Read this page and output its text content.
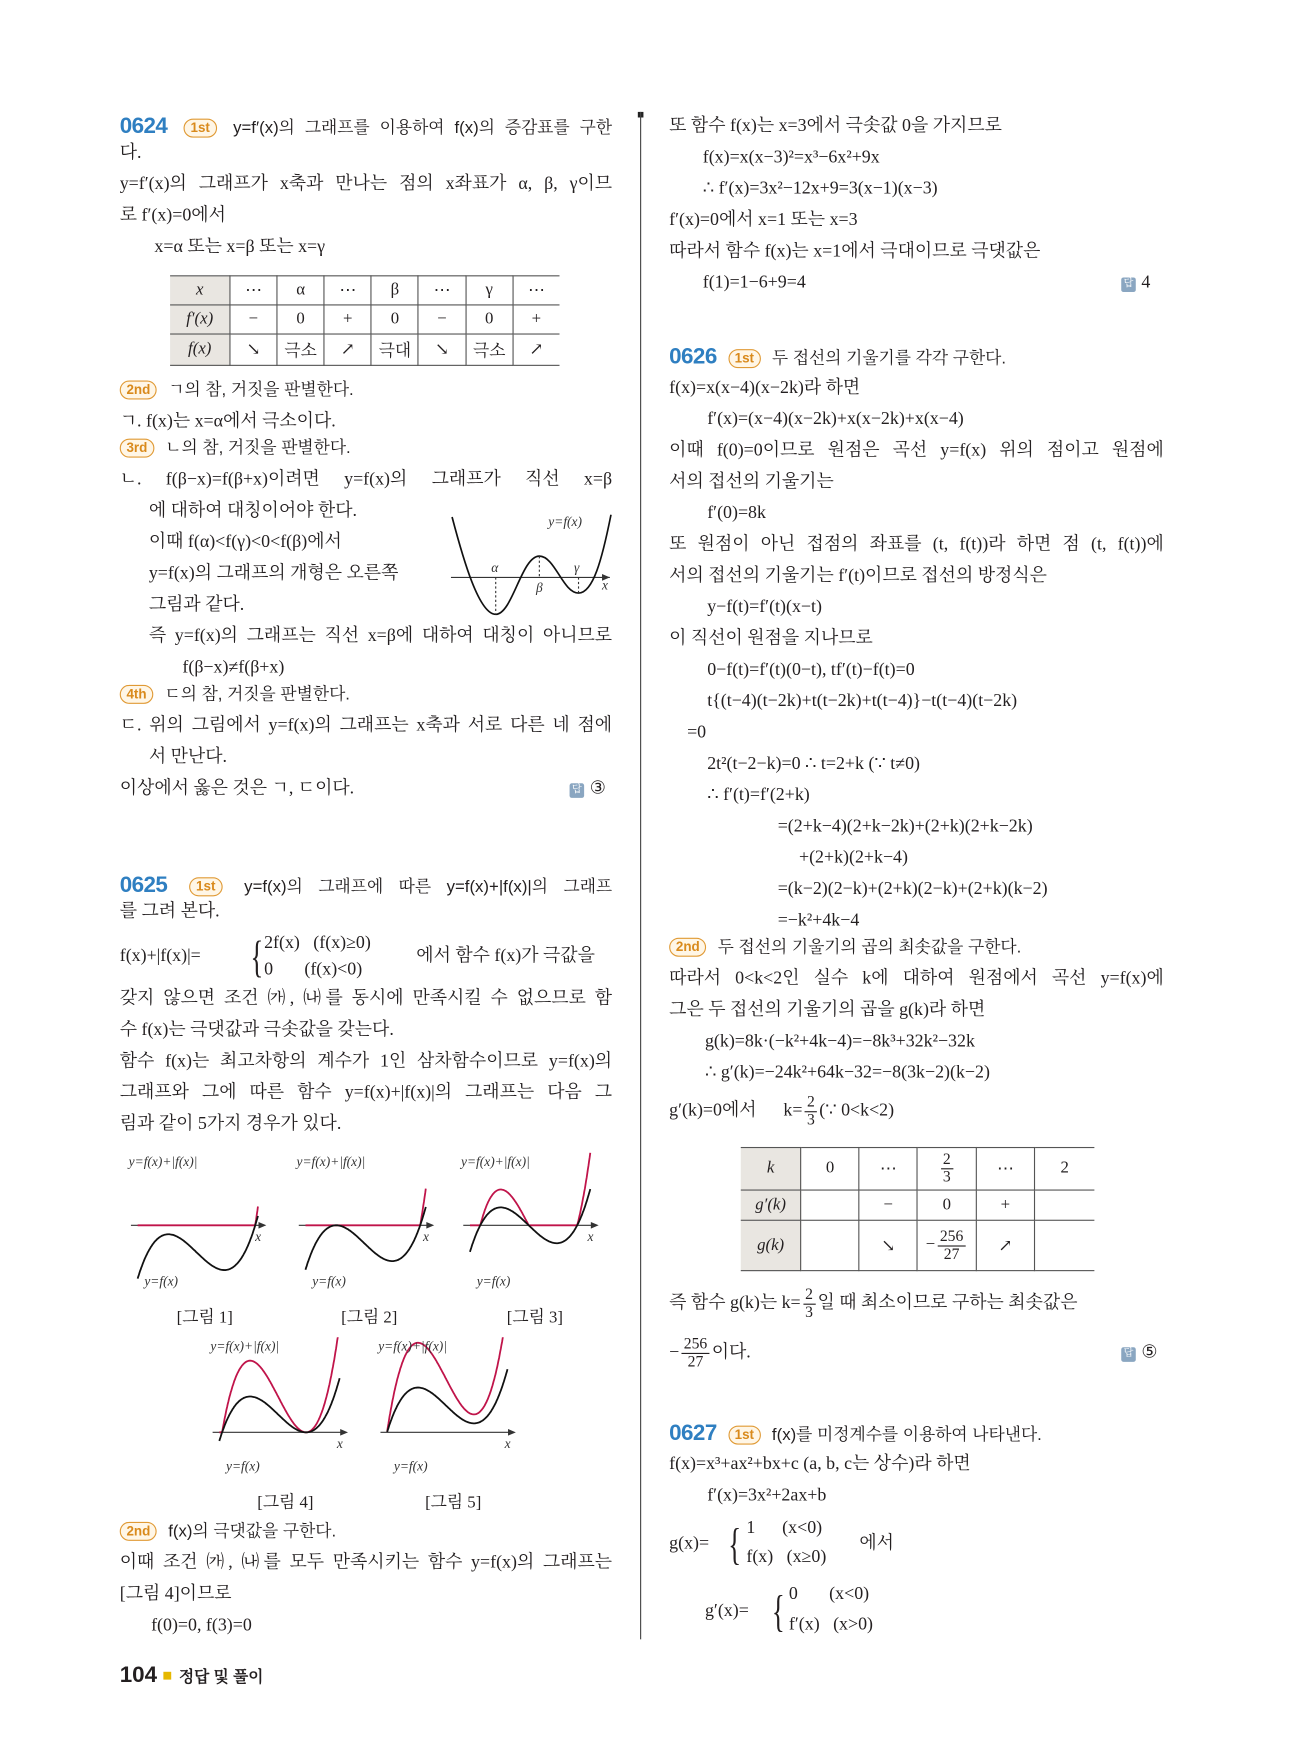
0624 1st y=f′(x)의 그래프를 이용하여 f(x)의 증감표를 구한
다.
y=f′(x)의 그래프가 x축과 만나는 점의 x좌표가 α, β, γ이므
로 f′(x)=0에서
x=α 또는 x=β 또는 x=γ
2nd ㄱ의 참, 거짓을 판별한다.
ㄱ. f(x)는 x=α에서 극소이다.
3rd ㄴ의 참, 거짓을 판별한다.
ㄴ. f(β−x)=f(β+x)이려면 y=f(x)의 그래프가 직선 x=β
에 대하여 대칭이어야 한다.
이때 f(α)<f(γ)<0<f(β)에서
y=f(x)의 그래프의 개형은 오른쪽
그림과 같다.
즉 y=f(x)의 그래프는 직선 x=β에 대하여 대칭이 아니므로
f(β−x)≠f(β+x)
4th ㄷ의 참, 거짓을 판별한다.
ㄷ. 위의 그림에서 y=f(x)의 그래프는 x축과 서로 다른 네 점에
서 만난다.
이상에서 옳은 것은 ㄱ, ㄷ이다.	답 ③
0625 1st y=f(x)의 그래프에 따른 y=f(x)+|f(x)|의 그래프
를 그려 본다.
갖지 않으면 조건 ㈎, ㈏를 동시에 만족시킬 수 없으므로 함
수 f(x)는 극댓값과 극솟값을 갖는다.
함수 f(x)는 최고차항의 계수가 1인 삼차함수이므로 y=f(x)의
그래프와 그에 따른 함수 y=f(x)+|f(x)|의 그래프는 다음 그
림과 같이 5가지 경우가 있다.
2nd f(x)의 극댓값을 구한다.
이때 조건 ㈎, ㈏를 모두 만족시키는 함수 y=f(x)의 그래프는
[그림 4]이므로
f(0)=0, f(3)=0
또 함수 f(x)는 x=3에서 극솟값 0을 가지므로
f(x)=x(x−3)²=x³−6x²+9x
∴ f′(x)=3x²−12x+9=3(x−1)(x−3)
f′(x)=0에서 x=1 또는 x=3
따라서 함수 f(x)는 x=1에서 극대이므로 극댓값은
f(1)=1−6+9=4	답 4
0626 1st 두 접선의 기울기를 각각 구한다.
f(x)=x(x−4)(x−2k)라 하면
f′(x)=(x−4)(x−2k)+x(x−2k)+x(x−4)
이때 f(0)=0이므로 원점은 곡선 y=f(x) 위의 점이고 원점에
서의 접선의 기울기는
f′(0)=8k
또 원점이 아닌 접점의 좌표를 (t, f(t))라 하면 점 (t, f(t))에
서의 접선의 기울기는 f′(t)이므로 접선의 방정식은
y−f(t)=f′(t)(x−t)
이 직선이 원점을 지나므로
0−f(t)=f′(t)(0−t), tf′(t)−f(t)=0
t{(t−4)(t−2k)+t(t−2k)+t(t−4)}−t(t−4)(t−2k)
=0
2t²(t−2−k)=0 ∴ t=2+k (∵ t≠0)
∴ f′(t)=f′(2+k)
=(2+k−4)(2+k−2k)+(2+k)(2+k−2k)
+(2+k)(2+k−4)
=(k−2)(2−k)+(2+k)(2−k)+(2+k)(k−2)
=−k²+4k−4
2nd 두 접선의 기울기의 곱의 최솟값을 구한다.
따라서 0<k<2인 실수 k에 대하여 원점에서 곡선 y=f(x)에
그은 두 접선의 기울기의 곱을 g(k)라 하면
g(k)=8k·(−k²+4k−4)=−8k³+32k²−32k
∴ g′(k)=−24k²+64k−32=−8(3k−2)(k−2)
0627 1st f(x)를 미정계수를 이용하여 나타낸다.
f(x)=x³+ax²+bx+c (a, b, c는 상수)라 하면
f′(x)=3x²+2ax+b
x	⋯	α	⋯	β	⋯	γ	⋯
f′(x)	−	0	+	0	−	0	+
f(x)	↘	극소	↗	극대	↘	극소	↗
y=f(x)
α
β
γ
x
f(x)+|f(x)|= { 2f(x)   (f(x)≥0)
0       (f(x)<0)
에서 함수 f(x)가 극값을
y=f(x)+|f(x)|
y=f(x)
x
[그림 1]
y=f(x)+|f(x)|
y=f(x)
x
[그림 2]
y=f(x)+|f(x)|
y=f(x)
x
[그림 3]
y=f(x)+|f(x)|
y=f(x)
x
[그림 4]
y=f(x)+|f(x)|
y=f(x)
x
[그림 5]
k	0	⋯	$\frac{2}{3}$	⋯	2
g′(k)		−	0	+	
g(k)		↘	− $\frac{256}{27}$	↗	
g′(k)=0에서      $k= \frac{2}{3}$ (∵ 0<k<2)
즉 함수 g(k)는 $k= \frac{2}{3}$ 일 때 최소이므로 구하는 최솟값은
− $\frac{256}{27}$ 이다.	답 ⑤
g(x)= { 1      (x<0)
f(x)   (x≥0)
에서
g′(x)= { 0       (x<0)
f′(x)   (x>0)
104 정답 및 풀이
